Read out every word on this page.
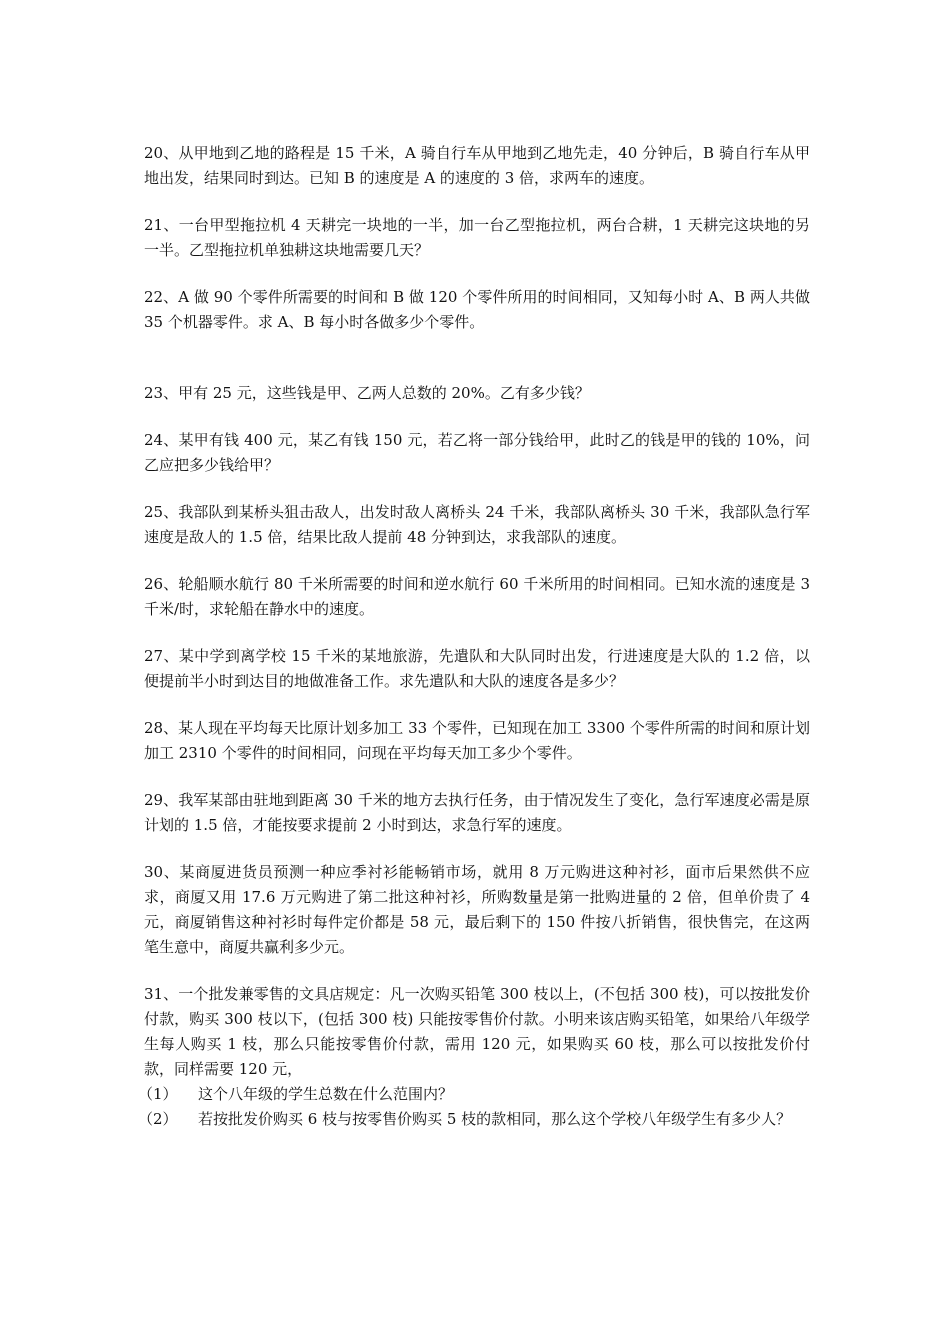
20、从甲地到乙地的路程是 15 千米，A 骑自行车从甲地到乙地先走，40 分钟后，B 骑自行车从甲地出发，结果同时到达。已知 B 的速度是 A 的速度的 3 倍，求两车的速度。

21、一台甲型拖拉机 4 天耕完一块地的一半，加一台乙型拖拉机，两台合耕，1 天耕完这块地的另一半。乙型拖拉机单独耕这块地需要几天？

22、A 做 90 个零件所需要的时间和 B 做 120 个零件所用的时间相同，又知每小时 A、B 两人共做 35 个机器零件。求 A、B 每小时各做多少个零件。

23、甲有 25 元，这些钱是甲、乙两人总数的 20%。乙有多少钱？

24、某甲有钱 400 元，某乙有钱 150 元，若乙将一部分钱给甲，此时乙的钱是甲的钱的 10%，问乙应把多少钱给甲？

25、我部队到某桥头狙击敌人，出发时敌人离桥头 24 千米，我部队离桥头 30 千米，我部队急行军速度是敌人的 1.5 倍，结果比敌人提前 48 分钟到达，求我部队的速度。

26、轮船顺水航行 80 千米所需要的时间和逆水航行 60 千米所用的时间相同。已知水流的速度是 3 千米/时，求轮船在静水中的速度。

27、某中学到离学校 15 千米的某地旅游，先遣队和大队同时出发，行进速度是大队的 1.2 倍，以便提前半小时到达目的地做准备工作。求先遣队和大队的速度各是多少？

28、某人现在平均每天比原计划多加工 33 个零件，已知现在加工 3300 个零件所需的时间和原计划加工 2310 个零件的时间相同，问现在平均每天加工多少个零件。

29、我军某部由驻地到距离 30 千米的地方去执行任务，由于情况发生了变化，急行军速度必需是原计划的 1.5 倍，才能按要求提前 2 小时到达，求急行军的速度。

30、某商厦进货员预测一种应季衬衫能畅销市场，就用 8 万元购进这种衬衫，面市后果然供不应求，商厦又用 17.6 万元购进了第二批这种衬衫，所购数量是第一批购进量的 2 倍，但单价贵了 4 元，商厦销售这种衬衫时每件定价都是 58 元，最后剩下的 150 件按八折销售，很快售完，在这两笔生意中，商厦共赢利多少元。

31、一个批发兼零售的文具店规定：凡一次购买铅笔 300 枝以上，(不包括 300 枝)，可以按批发价付款，购买 300 枝以下，(包括 300 枝) 只能按零售价付款。小明来该店购买铅笔，如果给八年级学生每人购买 1 枝，那么只能按零售价付款，需用 120 元，如果购买 60 枝，那么可以按批发价付款，同样需要 120 元，

（1）	这个八年级的学生总数在什么范围内？
（2）	若按批发价购买 6 枝与按零售价购买 5 枝的款相同，那么这个学校八年级学生有多少人？
